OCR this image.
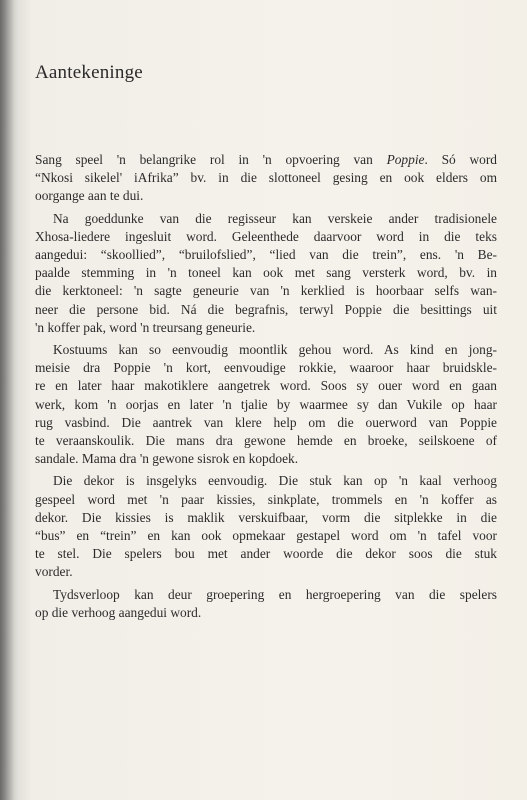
Aantekeninge

Sang speel 'n belangrike rol in 'n opvoering van Poppie. Só word
“Nkosi sikelel' iAfrika” bv. in die slottoneel gesing en ook elders om
oorgange aan te dui.

Na goeddunke van die regisseur kan verskeie ander tradisionele
Xhosa-liedere ingesluit word. Geleenthede daarvoor word in die teks
aangedui: “skoollied”, “bruilofslied”, “lied van die trein”, ens. 'n Be-
paalde stemming in 'n toneel kan ook met sang versterk word, bv. in
die kerktoneel: 'n sagte geneurie van 'n kerklied is hoorbaar selfs wan-
neer die persone bid. Ná die begrafnis, terwyl Poppie die besittings uit
'n koffer pak, word 'n treursang geneurie.

Kostuums kan so eenvoudig moontlik gehou word. As kind en jong-
meisie dra Poppie 'n kort, eenvoudige rokkie, waaroor haar bruidskle-
re en later haar makotiklere aangetrek word. Soos sy ouer word en gaan
werk, kom 'n oorjas en later 'n tjalie by waarmee sy dan Vukile op haar
rug vasbind. Die aantrek van klere help om die ouerword van Poppie
te veraanskoulik. Die mans dra gewone hemde en broeke, seilskoene of
sandale. Mama dra 'n gewone sisrok en kopdoek.

Die dekor is insgelyks eenvoudig. Die stuk kan op 'n kaal verhoog
gespeel word met 'n paar kissies, sinkplate, trommels en 'n koffer as
dekor. Die kissies is maklik verskuifbaar, vorm die sitplekke in die
“bus” en “trein” en kan ook opmekaar gestapel word om 'n tafel voor
te stel. Die spelers bou met ander woorde die dekor soos die stuk
vorder.

Tydsverloop kan deur groepering en hergroepering van die spelers
op die verhoog aangedui word.
